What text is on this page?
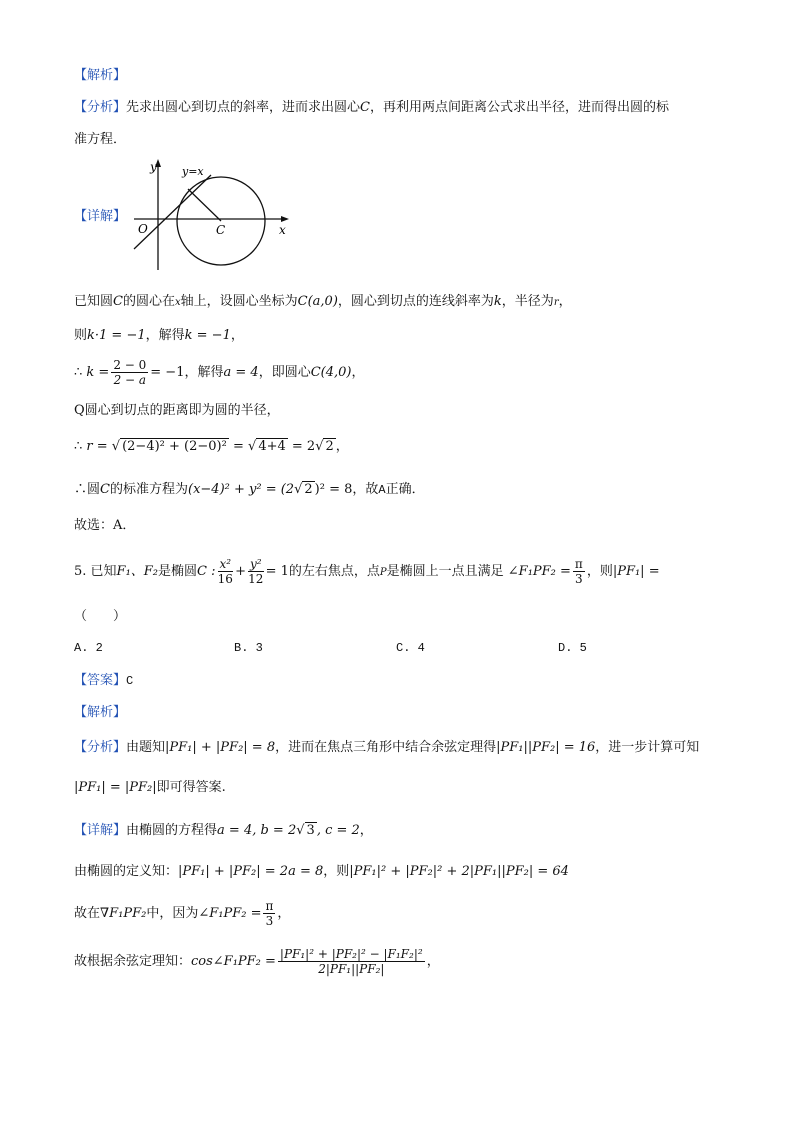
【解析】
【分析】先求出圆心到切点的斜率，进而求出圆心C，再利用两点间距离公式求出半径，进而得出圆的标
准方程．
【详解】
y y=x
O	C	x
已知圆C的圆心在x轴上，设圆心坐标为C(a,0)，圆心到切点的连线斜率为k，半径为r，
则k·1 = −1，解得k = −1，
∴ $k = \frac{2 - 0}{2 - a} = -1$，解得a = 4，即圆心C(4,0)，
Q圆心到切点的距离即为圆的半径，
∴ r = √ (2−4)² + (2−0)² = √ 4+4 = 2√ 2 ，
∴圆C的标准方程为(x−4)² + y² = (2√ 2 )² = 8，故A正确．
故选：A．
5. 已知F₁、F₂是椭圆C : $\frac{\text{x²}}{16} + \frac{\text{y²}}{12} = 1$的左右焦点，点P是椭圆上一点且满足 ∠F₁PF₂ = $\frac{\pi}{3}$ ，则|PF₁| =
（　　）
A. 2	B. 3	C. 4	D. 5
【答案】C
【解析】
【分析】由题知|PF₁| + |PF₂| = 8，进而在焦点三角形中结合余弦定理得|PF₁||PF₂| = 16，进一步计算可知
|PF₁| = |PF₂|即可得答案.
【详解】由椭圆的方程得a = 4, b = 2√ 3 , c = 2，
由椭圆的定义知：|PF₁| + |PF₂| = 2a = 8，则|PF₁|² + |PF₂|² + 2|PF₁||PF₂| = 64
故在∇F₁PF₂中，因为∠F₁PF₂ = $\frac{\pi}{3}$ ，
故根据余弦定理知：cos∠F₁PF₂ = $\frac{\text{|PF₁|² + |PF₂|² − |F₁F₂|²}}{\text{2|PF₁||PF₂|}}$ ，
